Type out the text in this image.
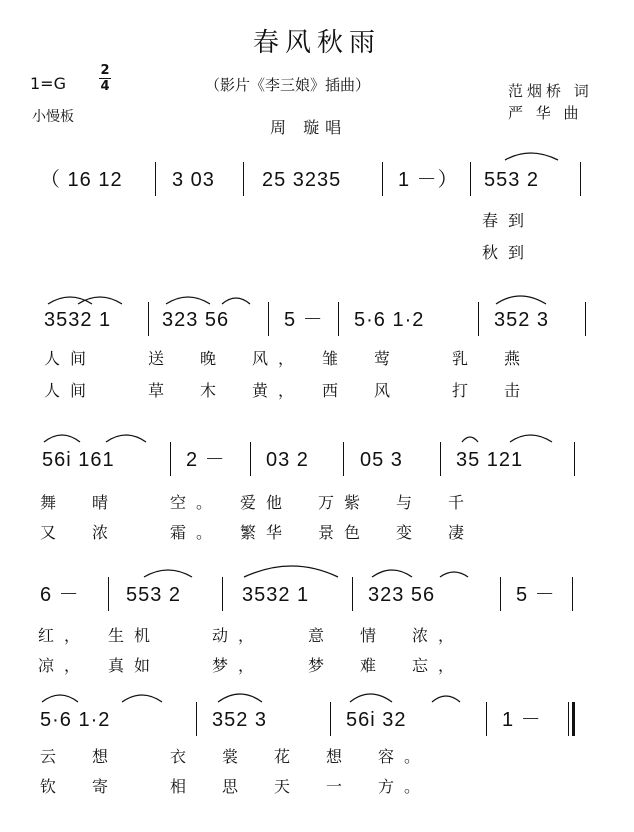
春风秋雨
（影片《李三娘》插曲）
1=G
2
4
小慢板
周 璇唱
范烟桥 词
严 华 曲
（ 16 12 3 03 25 3235	1 －） 553 2
春到
秋到
3532 1	323 56	5 － 5·6 1·2	352 3
人间　　送　晚　风，　雏　莺　　乳　燕
人间　　草　木　黄，　西　风　　打　击
56i 161	2 － 03 2	05 3	35 121
舞　晴　　空。　爱他　万紫　与　千
又　浓　　霜。　繁华　景色　变　凄
6 － 553 2	3532 1	323 56	5 －
红，　生机　　动，　　意　情　浓，
凉，　真如　　梦，　　梦　难　忘，
5·6 1·2	352 3	56i 32	1 －
云　想　　衣　裳　花　想　容。
钦　寄　　相　思　天　一　方。
